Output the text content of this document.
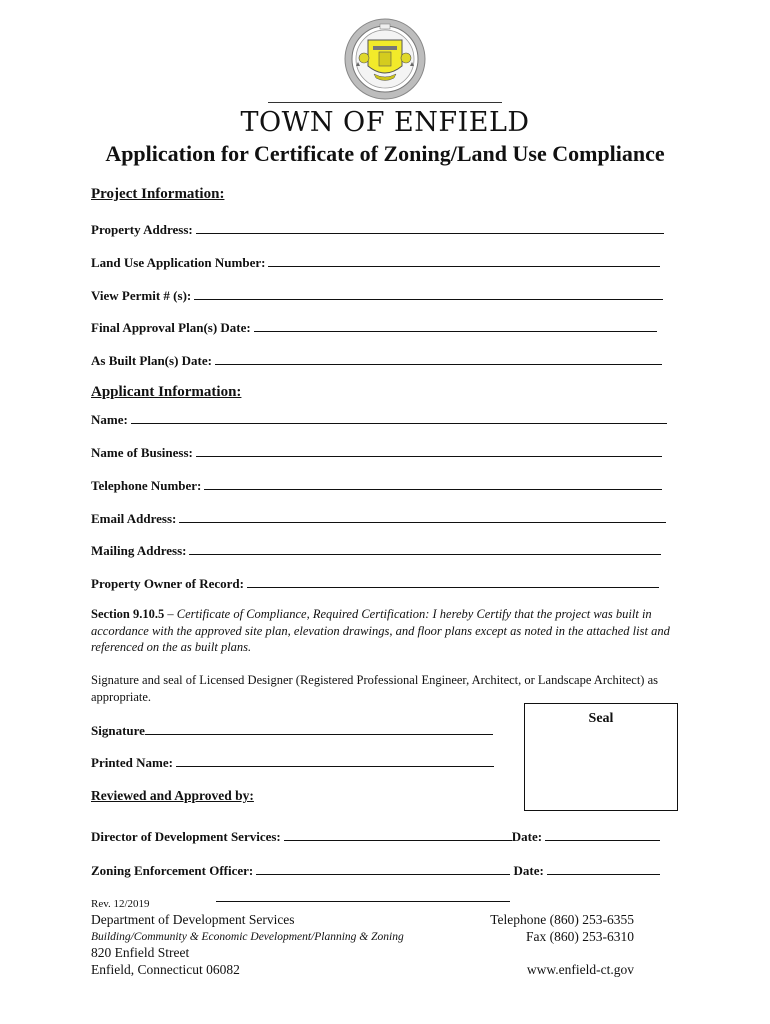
TOWN OF ENFIELD
Application for Certificate of Zoning/Land Use Compliance
Project Information:
Property Address:
Land Use Application Number:
View Permit # (s):
Final Approval Plan(s) Date:
As Built Plan(s) Date:
Applicant Information:
Name:
Name of Business:
Telephone Number:
Email Address:
Mailing Address:
Property Owner of Record:
Section 9.10.5 – Certificate of Compliance, Required Certification: I hereby Certify that the project was built in accordance with the approved site plan, elevation drawings, and floor plans except as noted in the attached list and referenced on the as built plans.
Signature and seal of Licensed Designer (Registered Professional Engineer, Architect, or Landscape Architect) as appropriate.
Signature
Printed Name:
Seal
Reviewed and Approved by:
Director of Development Services:	Date:
Zoning Enforcement Officer:	Date:
Rev. 12/2019
Department of Development Services
Building/Community & Economic Development/Planning & Zoning
820 Enfield Street
Enfield, Connecticut 06082
Telephone (860) 253-6355
Fax (860) 253-6310
www.enfield-ct.gov
